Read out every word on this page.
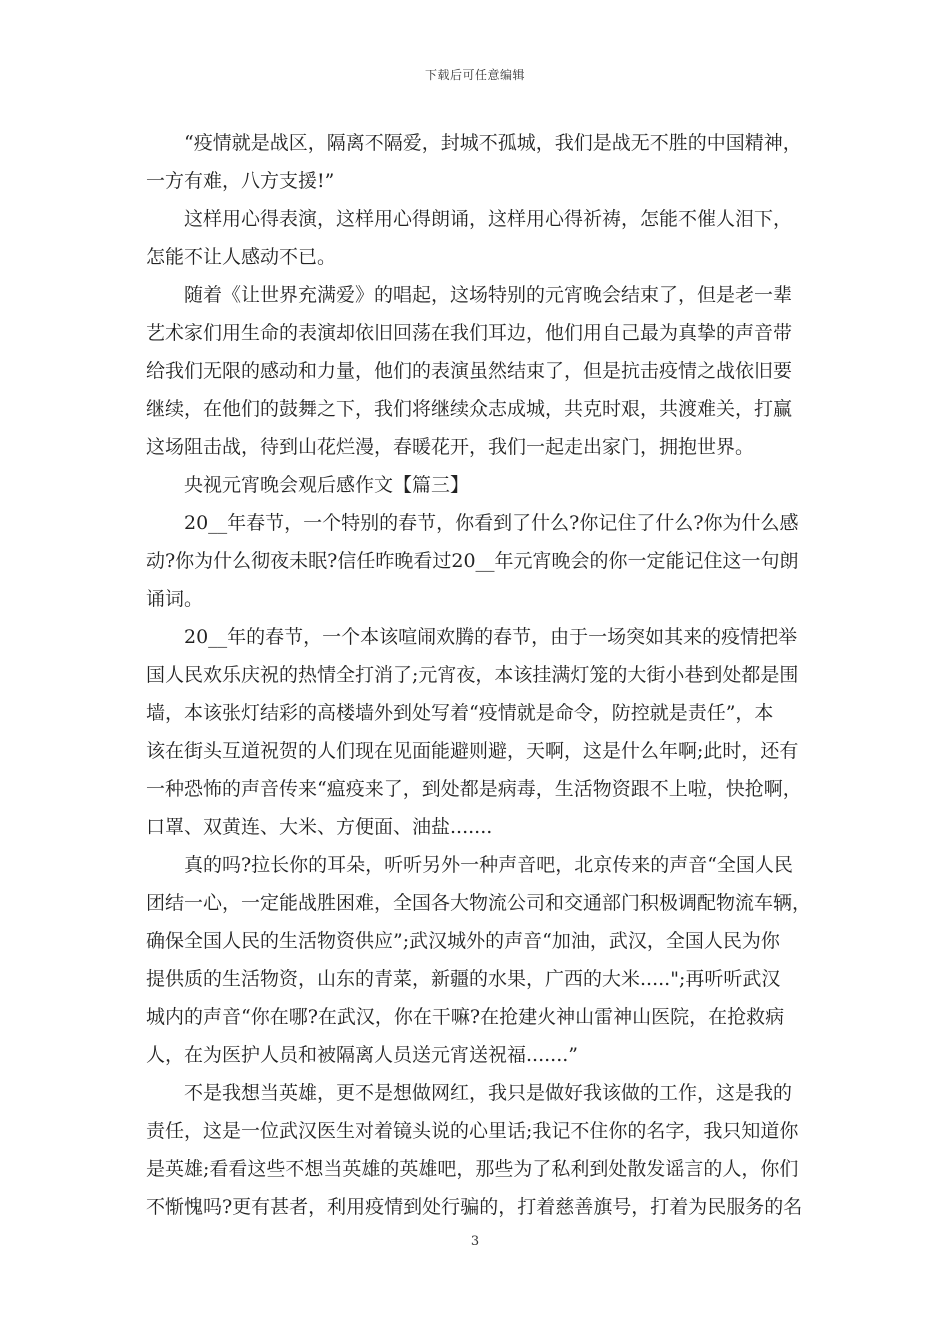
下载后可任意编辑
“疫情就是战区，隔离不隔爱，封城不孤城，我们是战无不胜的中国精神，
一方有难，八方支援!”
这样用心得表演，这样用心得朗诵，这样用心得祈祷，怎能不催人泪下，
怎能不让人感动不已。
随着《让世界充满爱》的唱起，这场特别的元宵晚会结束了，但是老一辈
艺术家们用生命的表演却依旧回荡在我们耳边，他们用自己最为真挚的声音带
给我们无限的感动和力量，他们的表演虽然结束了，但是抗击疫情之战依旧要
继续，在他们的鼓舞之下，我们将继续众志成城，共克时艰，共渡难关，打赢
这场阻击战，待到山花烂漫，春暖花开，我们一起走出家门，拥抱世界。
央视元宵晚会观后感作文【篇三】
20__年春节，一个特别的春节，你看到了什么?你记住了什么?你为什么感
动?你为什么彻夜未眠?信任昨晚看过20__年元宵晚会的你一定能记住这一句朗
诵词。
20__年的春节，一个本该喧闹欢腾的春节，由于一场突如其来的疫情把举
国人民欢乐庆祝的热情全打消了;元宵夜，本该挂满灯笼的大街小巷到处都是围
墙，本该张灯结彩的高楼墙外到处写着“疫情就是命令，防控就是责任”，本
该在街头互道祝贺的人们现在见面能避则避，天啊，这是什么年啊;此时，还有
一种恐怖的声音传来“瘟疫来了，到处都是病毒，生活物资跟不上啦，快抢啊，
口罩、双黄连、大米、方便面、油盐.......
真的吗?拉长你的耳朵，听听另外一种声音吧，北京传来的声音“全国人民
团结一心，一定能战胜困难，全国各大物流公司和交通部门积极调配物流车辆，
确保全国人民的生活物资供应”;武汉城外的声音“加油，武汉，全国人民为你
提供质的生活物资，山东的青菜，新疆的水果，广西的大米.....";再听听武汉
城内的声音“你在哪?在武汉，你在干嘛?在抢建火神山雷神山医院，在抢救病
人，在为医护人员和被隔离人员送元宵送祝福.......”
不是我想当英雄，更不是想做网红，我只是做好我该做的工作，这是我的
责任，这是一位武汉医生对着镜头说的心里话;我记不住你的名字，我只知道你
是英雄;看看这些不想当英雄的英雄吧，那些为了私利到处散发谣言的人，你们
不惭愧吗?更有甚者，利用疫情到处行骗的，打着慈善旗号，打着为民服务的名
3
